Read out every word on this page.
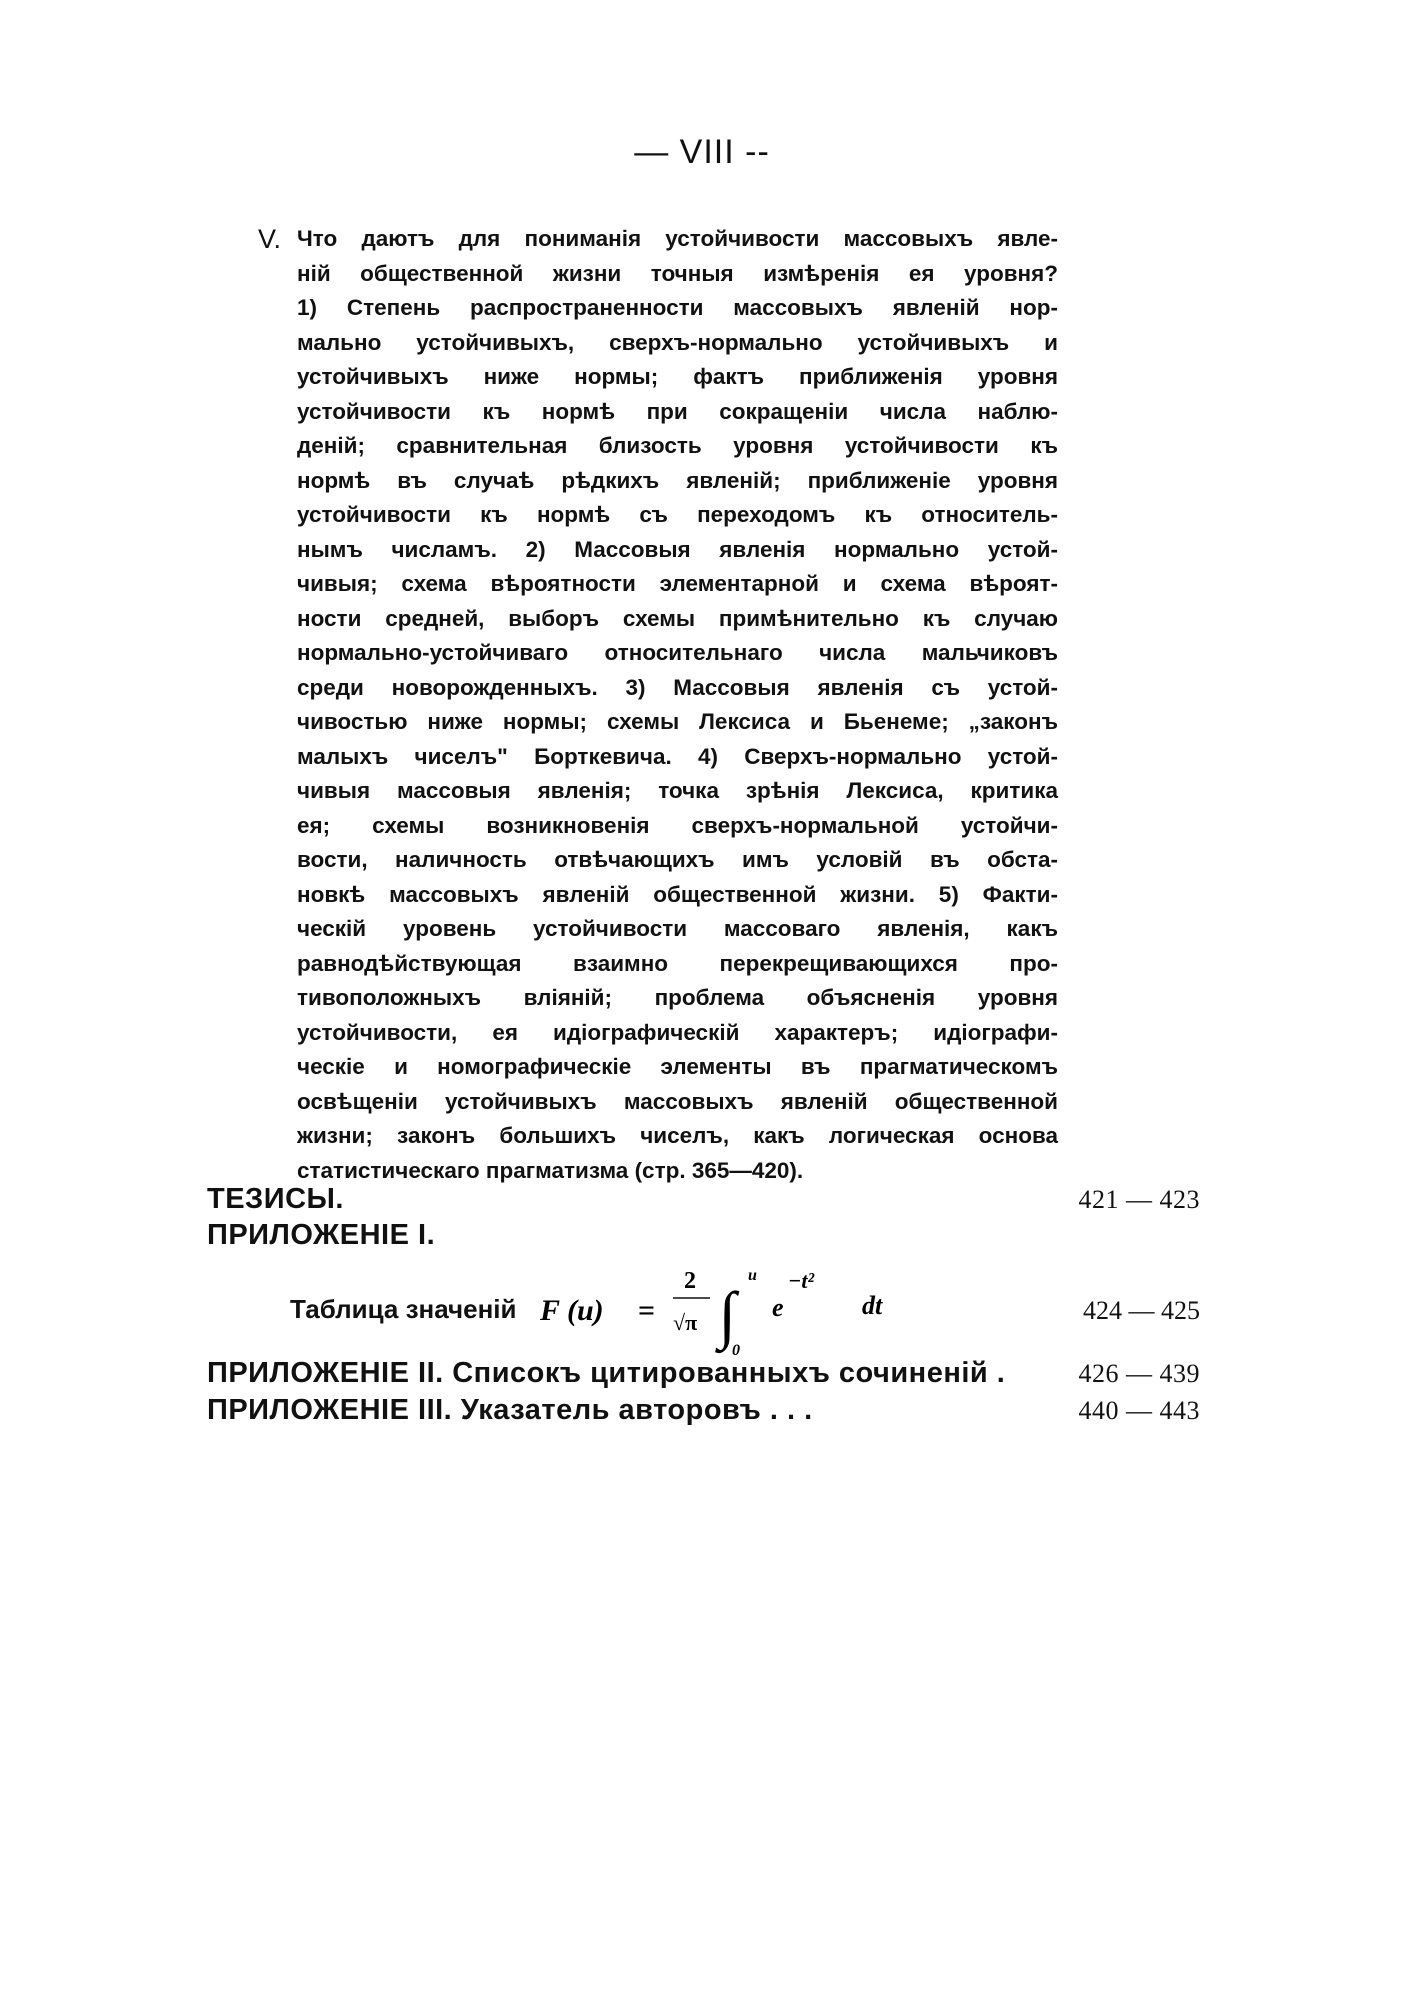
— VIII --
V. Что даютъ для пониманія устойчивости массовыхъ явле-
ній общественной жизни точныя измѣренія ея уровня?
1) Степень распространенности массовыхъ явленій нор-
мально устойчивыхъ, сверхъ-нормально устойчивыхъ и
устойчивыхъ ниже нормы; фактъ приближенія уровня
устойчивости къ нормѣ при сокращеніи числа наблю-
деній; сравнительная близость уровня устойчивости къ
нормѣ въ случаѣ рѣдкихъ явленій; приближеніе уровня
устойчивости къ нормѣ съ переходомъ къ относитель-
нымъ числамъ. 2) Массовыя явленія нормально устой-
чивыя; схема вѣроятности элементарной и схема вѣроят-
ности средней, выборъ схемы примѣнительно къ случаю
нормально-устойчиваго относительнаго числа мальчиковъ
среди новорожденныхъ. 3) Массовыя явленія съ устой-
чивостью ниже нормы; схемы Лексиса и Бьенеме; „законъ
малыхъ чиселъ" Борткевича. 4) Сверхъ-нормально устой-
чивыя массовыя явленія; точка зрѣнія Лексиса, критика
ея; схемы возникновенія сверхъ-нормальной устойчи-
вости, наличность отвѣчающихъ имъ условій въ обста-
новкѣ массовыхъ явленій общественной жизни. 5) Факти-
ческій уровень устойчивости массоваго явленія, какъ
равнодѣйствующая взаимно перекрещивающихся про-
тивоположныхъ вліяній; проблема объясненія уровня
устойчивости, ея идіографическій характеръ; идіографи-
ческіе и номографическіе элементы въ прагматическомъ
освѣщеніи устойчивыхъ массовыхъ явленій общественной
жизни; законъ большихъ чиселъ, какъ логическая основа
статистическаго прагматизма (стр. 365—420).
ТЕЗИСЫ.	421 — 423
ПРИЛОЖЕНІЕ I.
Таблица значеній F (u) =
2
√π ∫
u
0
e
−t²
dt	424 — 425
ПРИЛОЖЕНІЕ II. Списокъ цитированныхъ сочиненій .	426 — 439
ПРИЛОЖЕНІЕ III. Указатель авторовъ . . .	440 — 443
